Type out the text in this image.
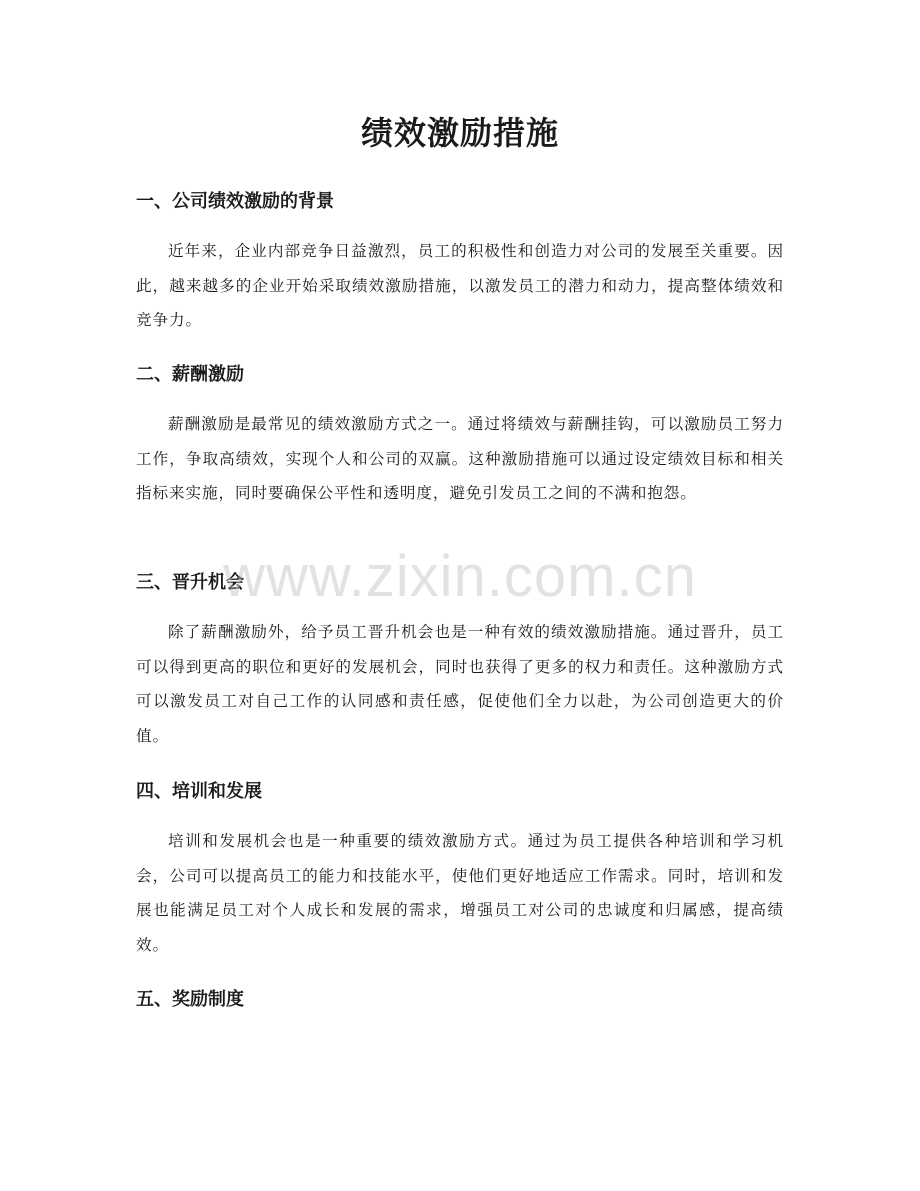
绩效激励措施
一、公司绩效激励的背景

近年来，企业内部竞争日益激烈，员工的积极性和创造力对公司的发展至关重要。因此，越来越多的企业开始采取绩效激励措施，以激发员工的潜力和动力，提高整体绩效和竞争力。

二、薪酬激励

薪酬激励是最常见的绩效激励方式之一。通过将绩效与薪酬挂钩，可以激励员工努力工作，争取高绩效，实现个人和公司的双赢。这种激励措施可以通过设定绩效目标和相关指标来实施，同时要确保公平性和透明度，避免引发员工之间的不满和抱怨。

三、晋升机会

除了薪酬激励外，给予员工晋升机会也是一种有效的绩效激励措施。通过晋升，员工可以得到更高的职位和更好的发展机会，同时也获得了更多的权力和责任。这种激励方式可以激发员工对自己工作的认同感和责任感，促使他们全力以赴，为公司创造更大的价值。

四、培训和发展

培训和发展机会也是一种重要的绩效激励方式。通过为员工提供各种培训和学习机会，公司可以提高员工的能力和技能水平，使他们更好地适应工作需求。同时，培训和发展也能满足员工对个人成长和发展的需求，增强员工对公司的忠诚度和归属感，提高绩效。

五、奖励制度
www.zixin.com.cn
